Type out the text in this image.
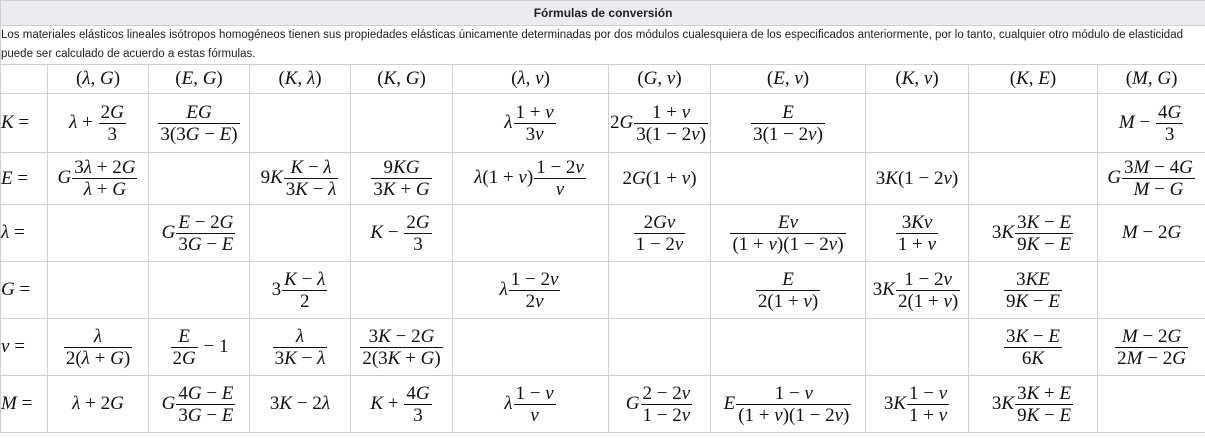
Fórmulas de conversión										
Los materiales elásticos lineales isótropos homogéneos tienen sus propiedades elásticas únicamente determinadas por dos módulos cualesquiera de los especificados anteriormente, por lo tanto, cualquier otro módulo de elasticidad puede ser calculado de acuerdo a estas fórmulas.										
	(λ, G)	(E, G)	(K, λ)	(K, G)	(λ, ν)	(G, ν)	(E, ν)	(K, ν)	(K, E)	(M, G)
K =	$\lambda + \frac{2G}{3}$	$\frac{EG}{3(3G - E)}$			λ $\frac{1 + \nu}{3\nu}$	$2G \frac{1 + \nu}{3(1 - 2\nu)}$	$\frac{E}{3(1 - 2\nu)}$			$M - \frac{4G}{3}$

E =	G $\frac{3\lambda + 2G}{\lambda + G}$		$9K \frac{K - \lambda}{3K - \lambda}$	$\frac{9KG}{3K + G}$	$\lambda(1 + \nu) \frac{1 - 2\nu}{\nu}$	2G(1 + ν)		3K(1 − 2ν)		G $\frac{3M - 4G}{M - G}$

λ =		G $\frac{E - 2G}{3G - E}$		$K - \frac{2G}{3}$		$\frac{2G\nu}{1 - 2\nu}$	$\frac{E\nu}{(1 + \nu)(1 - 2\nu)}$	$\frac{3K\nu}{1 + \nu}$	$3K \frac{3K - E}{9K - E}$	M − 2G
G =			$3 \frac{K - \lambda}{2}$		λ $\frac{1 - 2\nu}{2\nu}$		$\frac{E}{2(1 + \nu)}$	$3K \frac{1 - 2\nu}{2(1 + \nu)}$	$\frac{3KE}{9K - E}$

ν =	$\frac{\lambda}{2(\lambda + G)}$	$\frac{E}{2G} - 1$	$\frac{\lambda}{3K - \lambda}$	$\frac{3K - 2G}{2(3K + G)}$					$\frac{3K - E}{6K}$	$\frac{M - 2G}{2M - 2G}$

M =	λ + 2G	G $\frac{4G - E}{3G - E}$	3K − 2λ	$K + \frac{4G}{3}$	λ $\frac{1 - \nu}{\nu}$	G $\frac{2 - 2\nu}{1 - 2\nu}$	E $\frac{1 - \nu}{(1 + \nu)(1 - 2\nu)}$	$3K \frac{1 - \nu}{1 + \nu}$	$3K \frac{3K + E}{9K - E}$
